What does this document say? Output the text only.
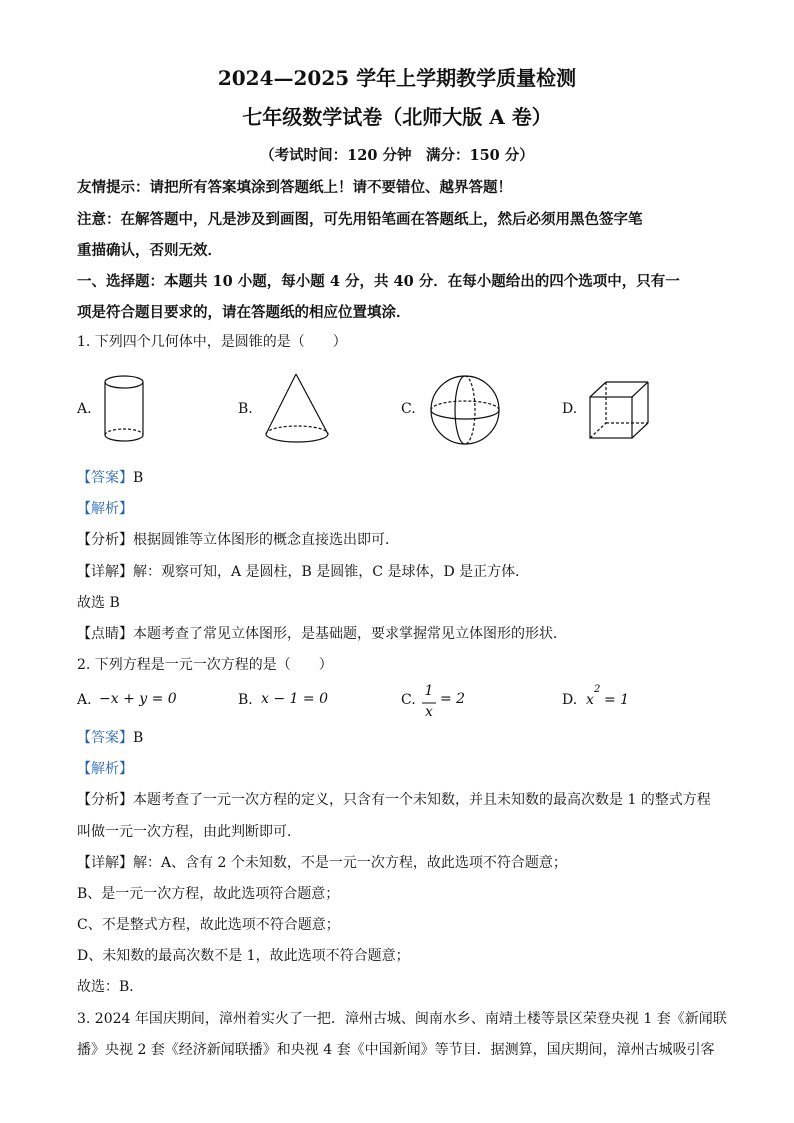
2024—2025 学年上学期教学质量检测
七年级数学试卷（北师大版 A 卷）
（考试时间：120 分钟　满分：150 分）
友情提示：请把所有答案填涂到答题纸上！请不要错位、越界答题！
注意：在解答题中，凡是涉及到画图，可先用铅笔画在答题纸上，然后必须用黑色签字笔
重描确认，否则无效．
一、选择题：本题共 10 小题，每小题 4 分，共 40 分．在每小题给出的四个选项中，只有一
项是符合题目要求的，请在答题纸的相应位置填涂．
1. 下列四个几何体中，是圆锥的是（　　）
A.	B.	C.	D.
【答案】B
【解析】
【分析】根据圆锥等立体图形的概念直接选出即可．
【详解】解：观察可知，A 是圆柱，B 是圆锥，C 是球体，D 是正方体．
故选 B
【点睛】本题考查了常见立体图形，是基础题，要求掌握常见立体图形的形状．
2. 下列方程是一元一次方程的是（　　）
A. −x + y = 0	B. x − 1 = 0	C.
1
x
= 2	D. x
2
= 1
【答案】B
【解析】
【分析】本题考查了一元一次方程的定义，只含有一个未知数，并且未知数的最高次数是 1 的整式方程
叫做一元一次方程，由此判断即可．
【详解】解：A、含有 2 个未知数，不是一元一次方程，故此选项不符合题意；
B、是一元一次方程，故此选项符合题意；
C、不是整式方程，故此选项不符合题意；
D、未知数的最高次数不是 1，故此选项不符合题意；
故选：B．
3. 2024 年国庆期间，漳州着实火了一把．漳州古城、闽南水乡、南靖土楼等景区荣登央视 1 套《新闻联
播》央视 2 套《经济新闻联播》和央视 4 套《中国新闻》等节目．据测算，国庆期间，漳州古城吸引客
